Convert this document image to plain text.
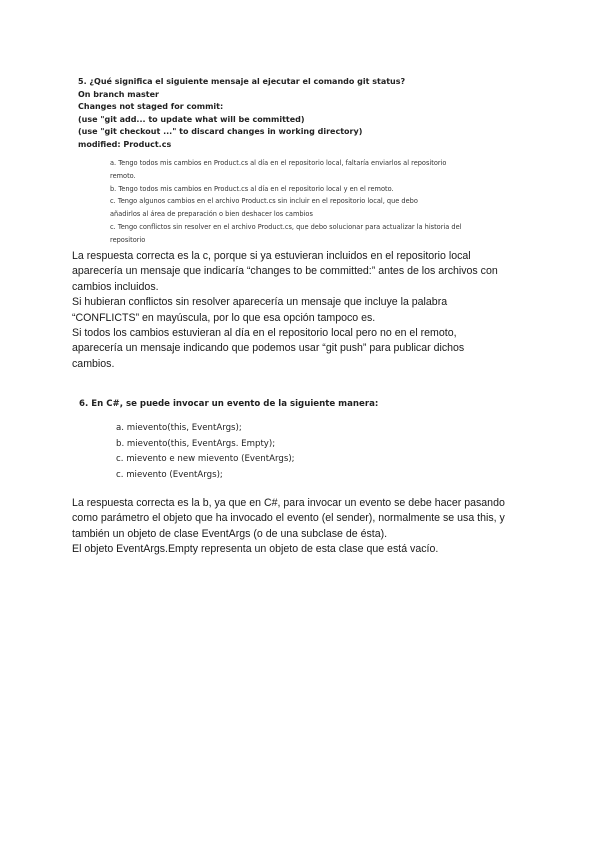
5. ¿Qué significa el siguiente mensaje al ejecutar el comando git status?
On branch master
Changes not staged for commit:
(use "git add... to update what will be committed)
(use "git checkout ..." to discard changes in working directory)
modified: Product.cs
a. Tengo todos mis cambios en Product.cs al día en el repositorio local, faltaría enviarlos al repositorio
remoto.
b. Tengo todos mis cambios en Product.cs al día en el repositorio local y en el remoto.
c. Tengo algunos cambios en el archivo Product.cs sin incluir en el repositorio local, que debo
añadirlos al área de preparación o bien deshacer los cambios
c. Tengo conflictos sin resolver en el archivo Product.cs, que debo solucionar para actualizar la historia del
repositorio

La respuesta correcta es la c, porque si ya estuvieran incluidos en el repositorio local

aparecería un mensaje que indicaría “changes to be committed:” antes de los archivos con

cambios incluidos.

Si hubieran conflictos sin resolver aparecería un mensaje que incluye la palabra

“CONFLICTS” en mayúscula, por lo que esa opción tampoco es.

Si todos los cambios estuvieran al día en el repositorio local pero no en el remoto,

aparecería un mensaje indicando que podemos usar “git push” para publicar dichos

cambios.

6. En C#, se puede invocar un evento de la siguiente manera:
a. mievento(this, EventArgs);
b. mievento(this, EventArgs. Empty);
c. mievento e new mievento (EventArgs);
c. mievento (EventArgs);

La respuesta correcta es la b, ya que en C#, para invocar un evento se debe hacer pasando

como parámetro el objeto que ha invocado el evento (el sender), normalmente se usa this, y

también un objeto de clase EventArgs (o de una subclase de ésta).

El objeto EventArgs.Empty representa un objeto de esta clase que está vacío.
